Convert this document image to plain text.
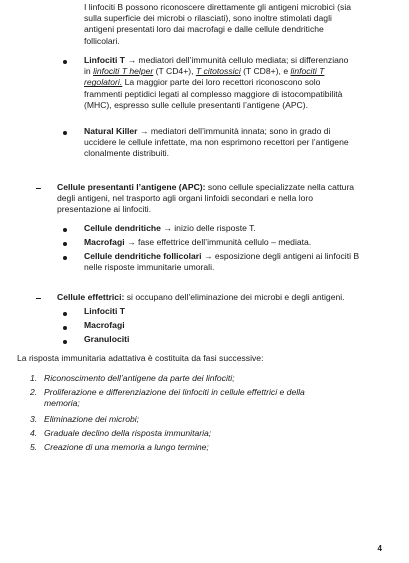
I linfociti B possono riconoscere direttamente gli antigeni microbici (sia
sulla superficie dei microbi o rilasciati), sono inoltre stimolati dagli
antigeni presentati loro dai macrofagi e dalle cellule dendritiche
follicolari.
Linfociti T → mediatori dell’immunità cellulo mediata; si differenziano
in linfociti T helper (T CD4+), T citotossici (T CD8+), e linfociti T
regolatori. La maggior parte dei loro recettori riconoscono solo
frammenti peptidici legati al complesso maggiore di istocompatibilità
(MHC), espresso sulle cellule presentanti l’antigene (APC).
Natural Killer → mediatori dell’immunità innata; sono in grado di
uccidere le cellule infettate, ma non esprimono recettori per l’antigene
clonalmente distribuiti.
Cellule presentanti l’antigene (APC): sono cellule specializzate nella cattura
degli antigeni, nel trasporto agli organi linfoidi secondari e nella loro
presentazione ai linfociti.
Cellule dendritiche → inizio delle risposte T.
Macrofagi → fase effettrice dell’immunità cellulo – mediata.
Cellule dendritiche follicolari → esposizione degli antigeni ai linfociti B
nelle risposte immunitarie umorali.
Cellule effettrici: si occupano dell’eliminazione dei microbi e degli antigeni.
Linfociti T
Macrofagi
Granulociti
La risposta immunitaria adattativa è costituita da fasi successive:
1. Riconoscimento dell’antigene da parte dei linfociti;
2. Proliferazione e differenziazione dei linfociti in cellule effettrici e della
memoria;
3. Eliminazione dei microbi;
4. Graduale declino della risposta immunitaria;
5. Creazione di una memoria a lungo termine;
4
